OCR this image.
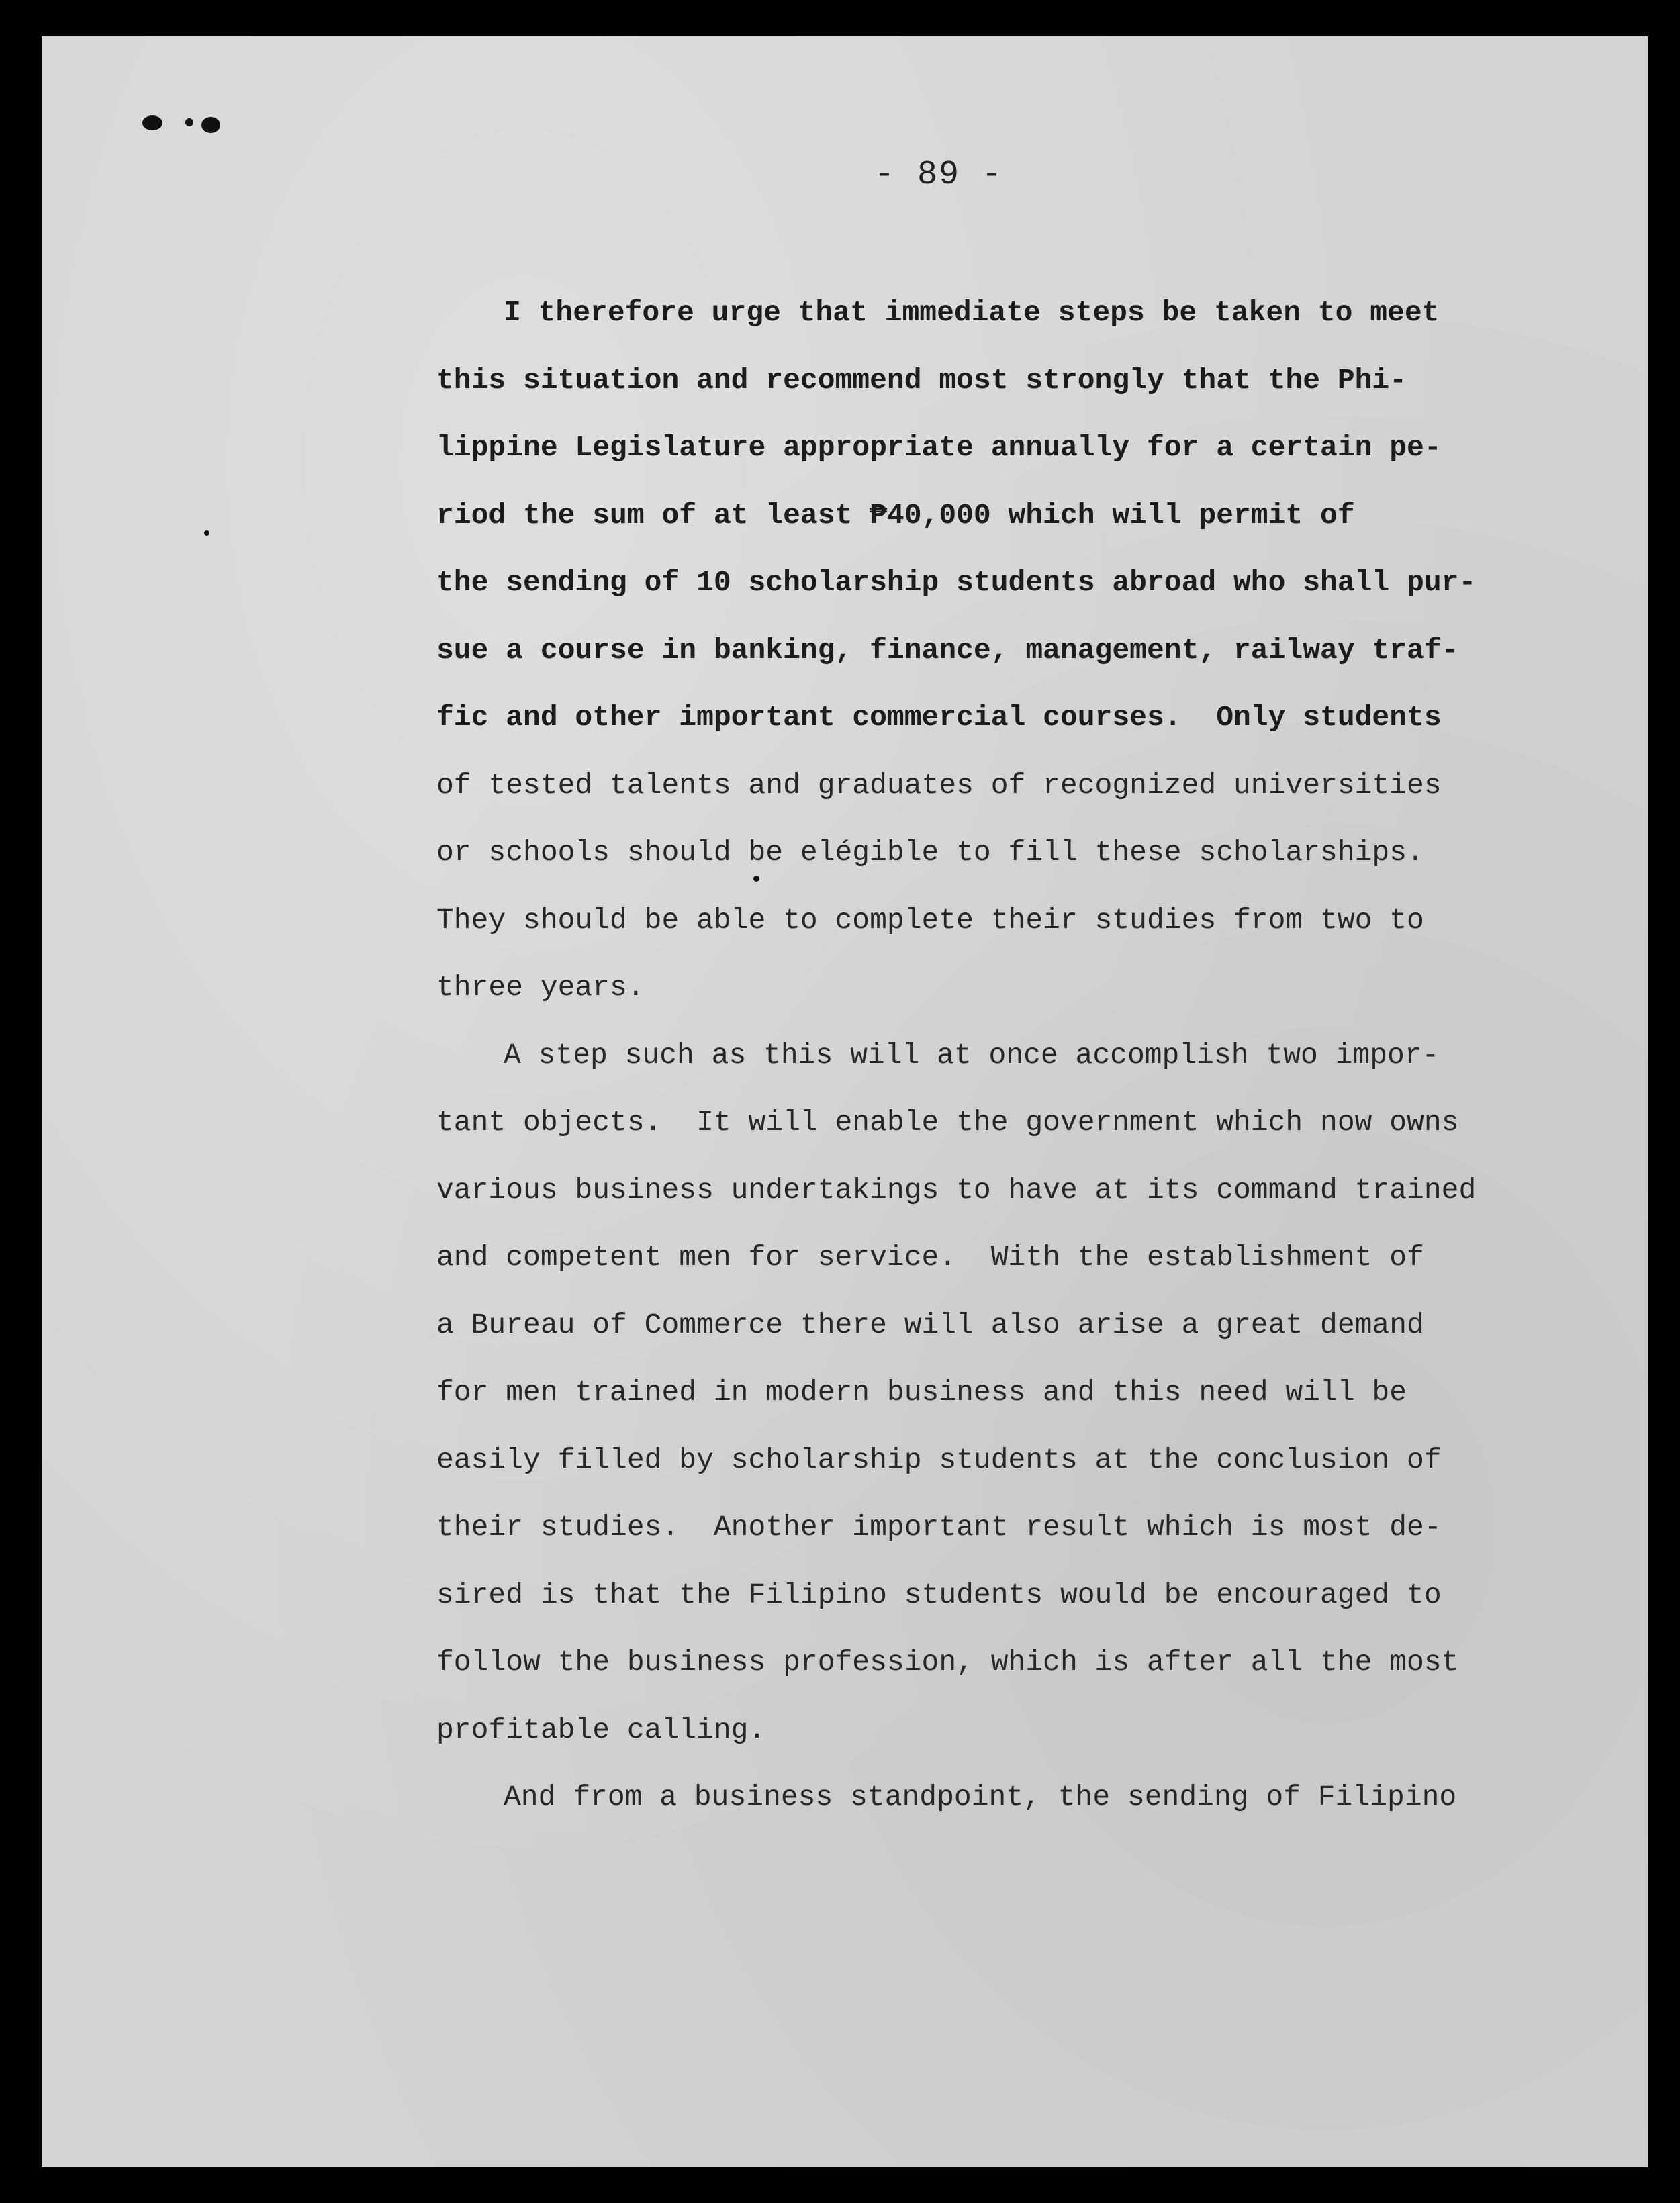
- 89 -
I therefore urge that immediate steps be taken to meet
this situation and recommend most strongly that the Phi-
lippine Legislature appropriate annually for a certain pe-
riod the sum of at least ₱40,000 which will permit of
the sending of 10 scholarship students abroad who shall pur-
sue a course in banking, finance, management, railway traf-
fic and other important commercial courses.  Only students
of tested talents and graduates of recognized universities
or schools should be elégible to fill these scholarships.
They should be able to complete their studies from two to
three years.
A step such as this will at once accomplish two impor-
tant objects.  It will enable the government which now owns
various business undertakings to have at its command trained
and competent men for service.  With the establishment of
a Bureau of Commerce there will also arise a great demand
for men trained in modern business and this need will be
easily filled by scholarship students at the conclusion of
their studies.  Another important result which is most de-
sired is that the Filipino students would be encouraged to
follow the business profession, which is after all the most
profitable calling.
And from a business standpoint, the sending of Filipino
